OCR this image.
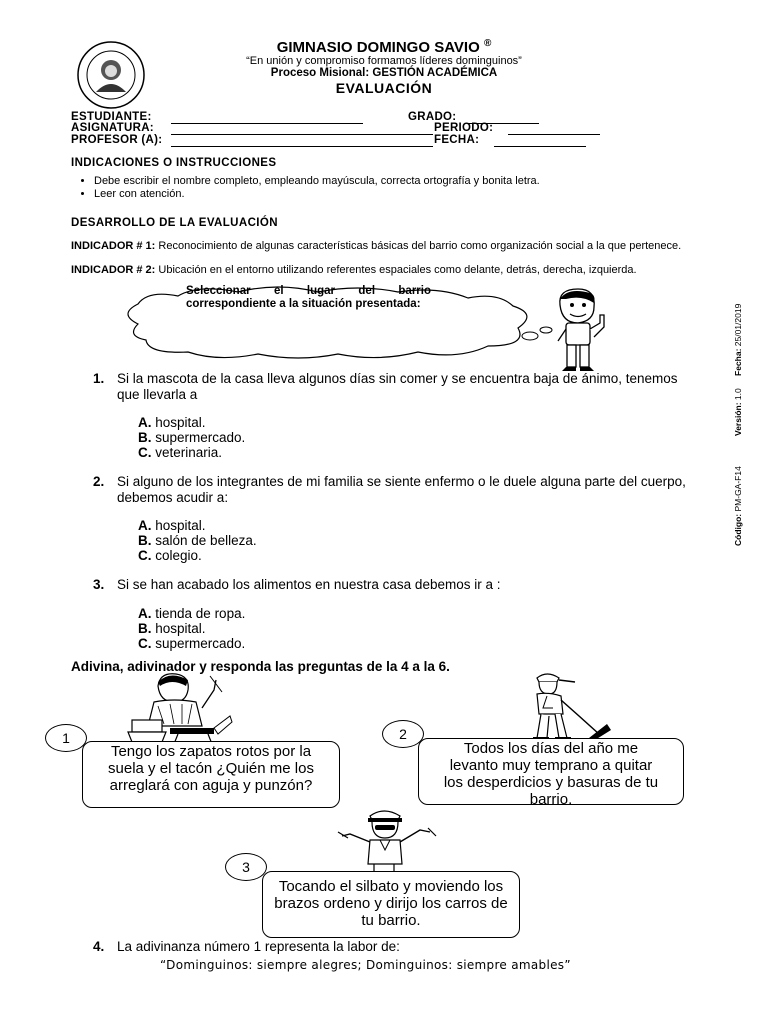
GIMNASIO DOMINGO SAVIO ®
“En unión y compromiso formamos líderes dominguinos”
Proceso Misional: GESTIÓN ACADÉMICA
EVALUACIÓN
ESTUDIANTE:	GRADO:
ASIGNATURA:	PERIODO:
PROFESOR (A):	FECHA:
INDICACIONES O INSTRUCCIONES
• Debe escribir el nombre completo, empleando mayúscula, correcta ortografía y bonita letra.
• Leer con atención.
DESARROLLO DE LA EVALUACIÓN
INDICADOR # 1: Reconocimiento de algunas características básicas del barrio como organización social a la que pertenece.
INDICADOR # 2: Ubicación en el entorno utilizando referentes espaciales como delante, detrás, derecha, izquierda.
Seleccionar el lugar del barrio correspondiente a la situación presentada:
1. Si la mascota de la casa lleva algunos días sin comer y se encuentra baja de ánimo, tenemos que llevarla a
A. hospital.
B. supermercado.
C. veterinaria.
2. Si alguno de los integrantes de mi familia se siente enfermo o le duele alguna parte del cuerpo, debemos acudir a:
A. hospital.
B. salón de belleza.
C. colegio.
3. Si se han acabado los alimentos en nuestra casa debemos ir a :
A. tienda de ropa.
B. hospital.
C. supermercado.
Adivina, adivinador y responda las preguntas de la 4 a la 6.
1
Tengo los zapatos rotos por la suela y el tacón ¿Quién me los arreglará con aguja y punzón?
2
Todos los días del año me levanto muy temprano a quitar los desperdicios y basuras de tu barrio.
3
Tocando el silbato y moviendo los brazos ordeno y dirijo los carros de tu barrio.
4. La adivinanza número 1 representa la labor de:
“Dominguinos: siempre alegres; Dominguinos: siempre amables”
Fecha: 25/01/2019
Versión: 1.0
Código: PM-GA-F14
